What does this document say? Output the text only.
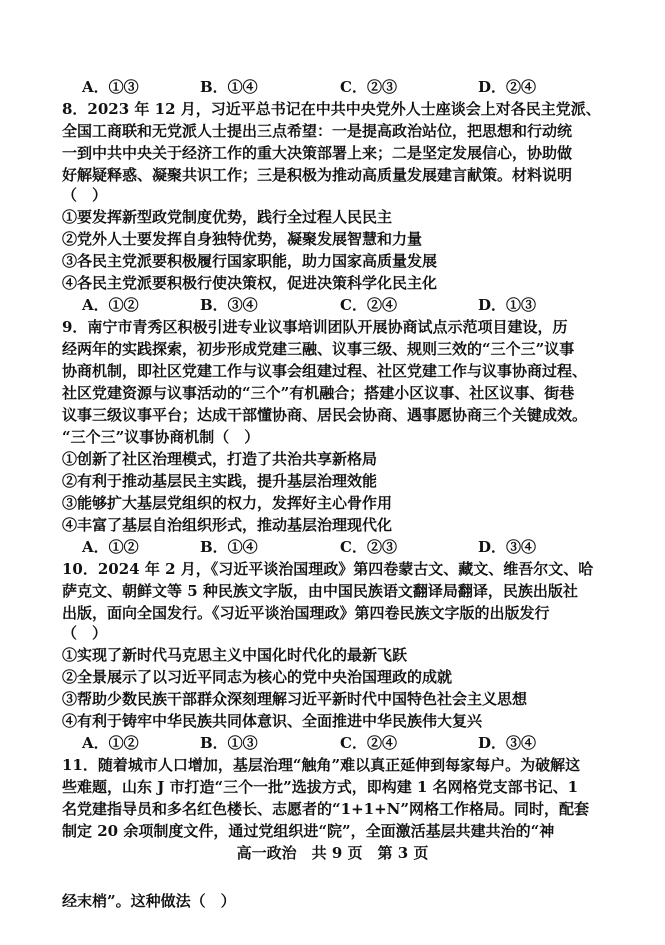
A．①③	B．①④	C．②③	D．②④
8．2023 年 12 月，习近平总书记在中共中央党外人士座谈会上对各民主党派、
全国工商联和无党派人士提出三点希望：一是提高政治站位，把思想和行动统
一到中共中央关于经济工作的重大决策部署上来；二是坚定发展信心，协助做
好解疑释惑、凝聚共识工作；三是积极为推动高质量发展建言献策。材料说明
（　）
①要发挥新型政党制度优势，践行全过程人民民主
②党外人士要发挥自身独特优势，凝聚发展智慧和力量
③各民主党派要积极履行国家职能，助力国家高质量发展
④各民主党派要积极行使决策权，促进决策科学化民主化
A．①②	B．③④	C．②④	D．①③
9．南宁市青秀区积极引进专业议事培训团队开展协商试点示范项目建设，历
经两年的实践探索，初步形成党建三融、议事三级、规则三效的“三个三”议事
协商机制，即社区党建工作与议事会组建过程、社区党建工作与议事协商过程、
社区党建资源与议事活动的“三个”有机融合；搭建小区议事、社区议事、街巷
议事三级议事平台；达成干部懂协商、居民会协商、遇事愿协商三个关键成效。
“三个三”议事协商机制（　）
①创新了社区治理模式，打造了共治共享新格局
②有利于推动基层民主实践，提升基层治理效能
③能够扩大基层党组织的权力，发挥好主心骨作用
④丰富了基层自治组织形式，推动基层治理现代化
A．①②	B．①④	C．②③	D．③④
10．2024 年 2 月，《习近平谈治国理政》第四卷蒙古文、藏文、维吾尔文、哈
萨克文、朝鲜文等 5 种民族文字版，由中国民族语文翻译局翻译，民族出版社
出版，面向全国发行。《习近平谈治国理政》第四卷民族文字版的出版发行
（　）
①实现了新时代马克思主义中国化时代化的最新飞跃
②全景展示了以习近平同志为核心的党中央治国理政的成就
③帮助少数民族干部群众深刻理解习近平新时代中国特色社会主义思想
④有利于铸牢中华民族共同体意识、全面推进中华民族伟大复兴
A．①②	B．①③	C．②④	D．③④
11．随着城市人口增加，基层治理“触角”难以真正延伸到每家每户。为破解这
些难题，山东 J 市打造“三个一批”选拔方式，即构建 1 名网格党支部书记、1
名党建指导员和多名红色楼长、志愿者的“1+1+N”网格工作格局。同时，配套
制定 20 余项制度文件，通过党组织进“院”，全面激活基层共建共治的“神
高一政治　共 9 页　第 3 页
经末梢”。这种做法（　）
